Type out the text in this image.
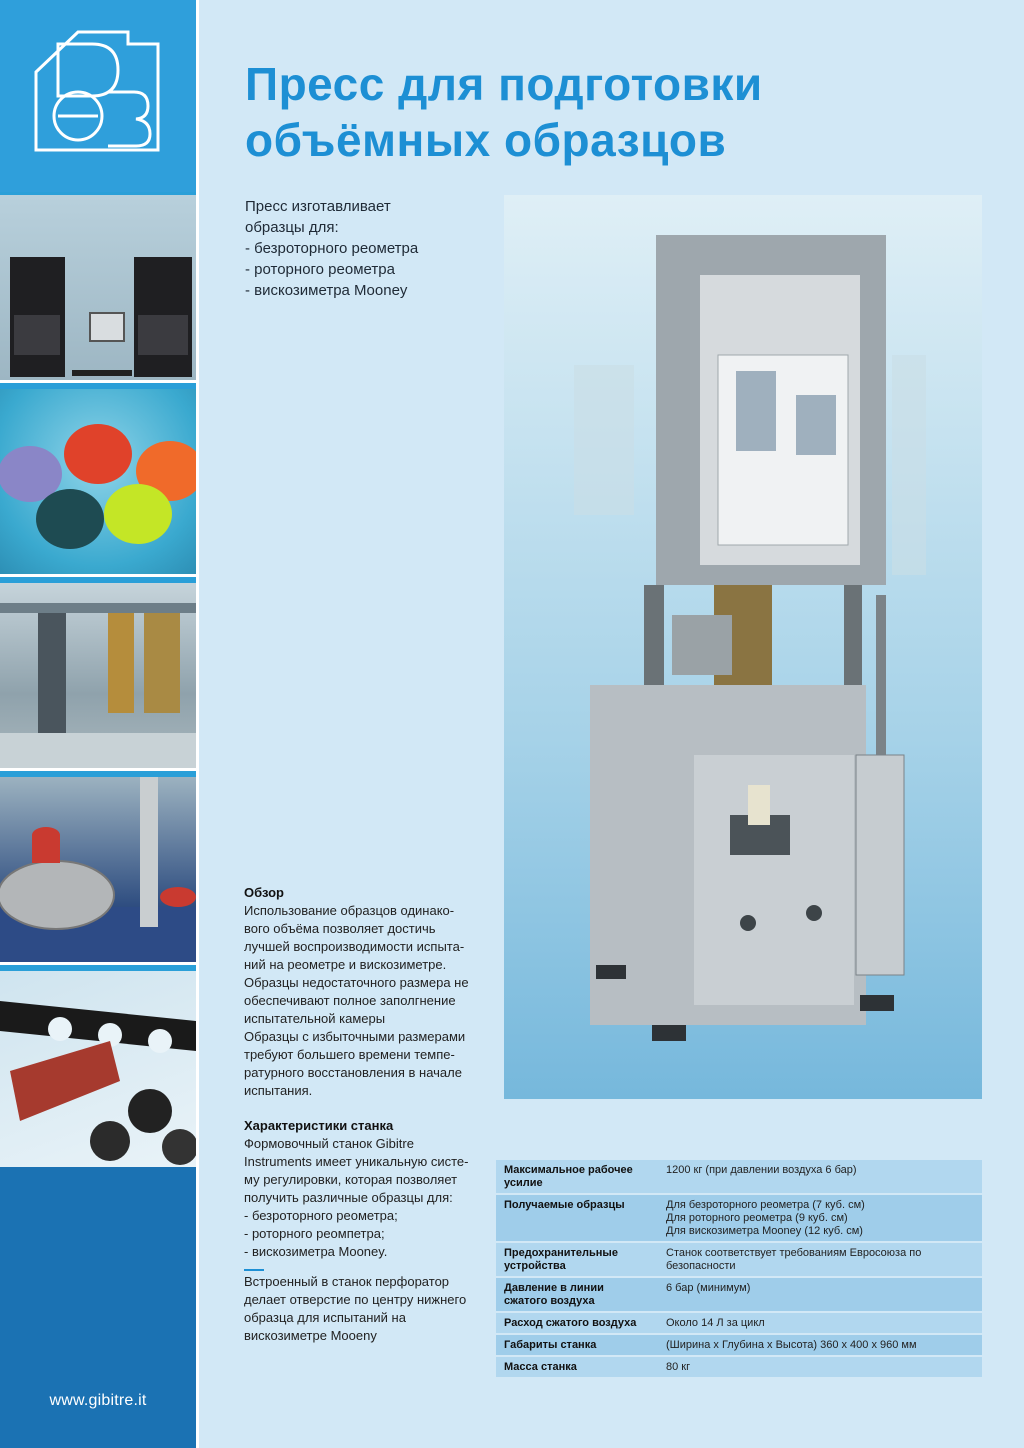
www.gibitre.it
Пресс для подготовки
объёмных образцов
Пресс изготавливает
образцы для:
- безроторного реометра
- роторного реометра
- вискозиметра Mooney
Обзор
Использование образцов одинако-
вого объёма позволяет достичь
лучшей воспроизводимости испыта-
ний на реометре и вискозиметре.
Образцы недостаточного размера не
обеспечивают полное заполгнение
испытательной камеры
Образцы с избыточными размерами
требуют большего времени темпе-
ратурного восстановления в начале
испытания.
Характеристики станка
Формовочный станок Gibitre
Instruments имеет уникальную систе-
му регулировки, которая позволяет
получить различные образцы для:
- безроторного реометра;
- роторного реомпетра;
- вискозиметра Mooney.
Встроенный в станок перфоратор
делает отверстие по центру нижнего
образца для испытаний на
вискозиметре Mooeny
Максимальное рабочее усилие	1200 кг (при давлении воздуха 6 бар)

Получаемые образцы	Для безроторного реометра (7 куб. см)
Для роторного реометра (9 куб. см)
Для вискозиметра Mooney (12 куб. см)

Предохранительные устройства	Станок соответствует требованиям Евросоюза по безопасности

Давление в линии сжатого воздуха	6 бар (минимум)

Расход сжатого воздуха	Около 14 Л за цикл

Габариты станка	(Ширина х Глубина х Высота) 360 х 400 х 960 мм

Масса станка	80 кг
